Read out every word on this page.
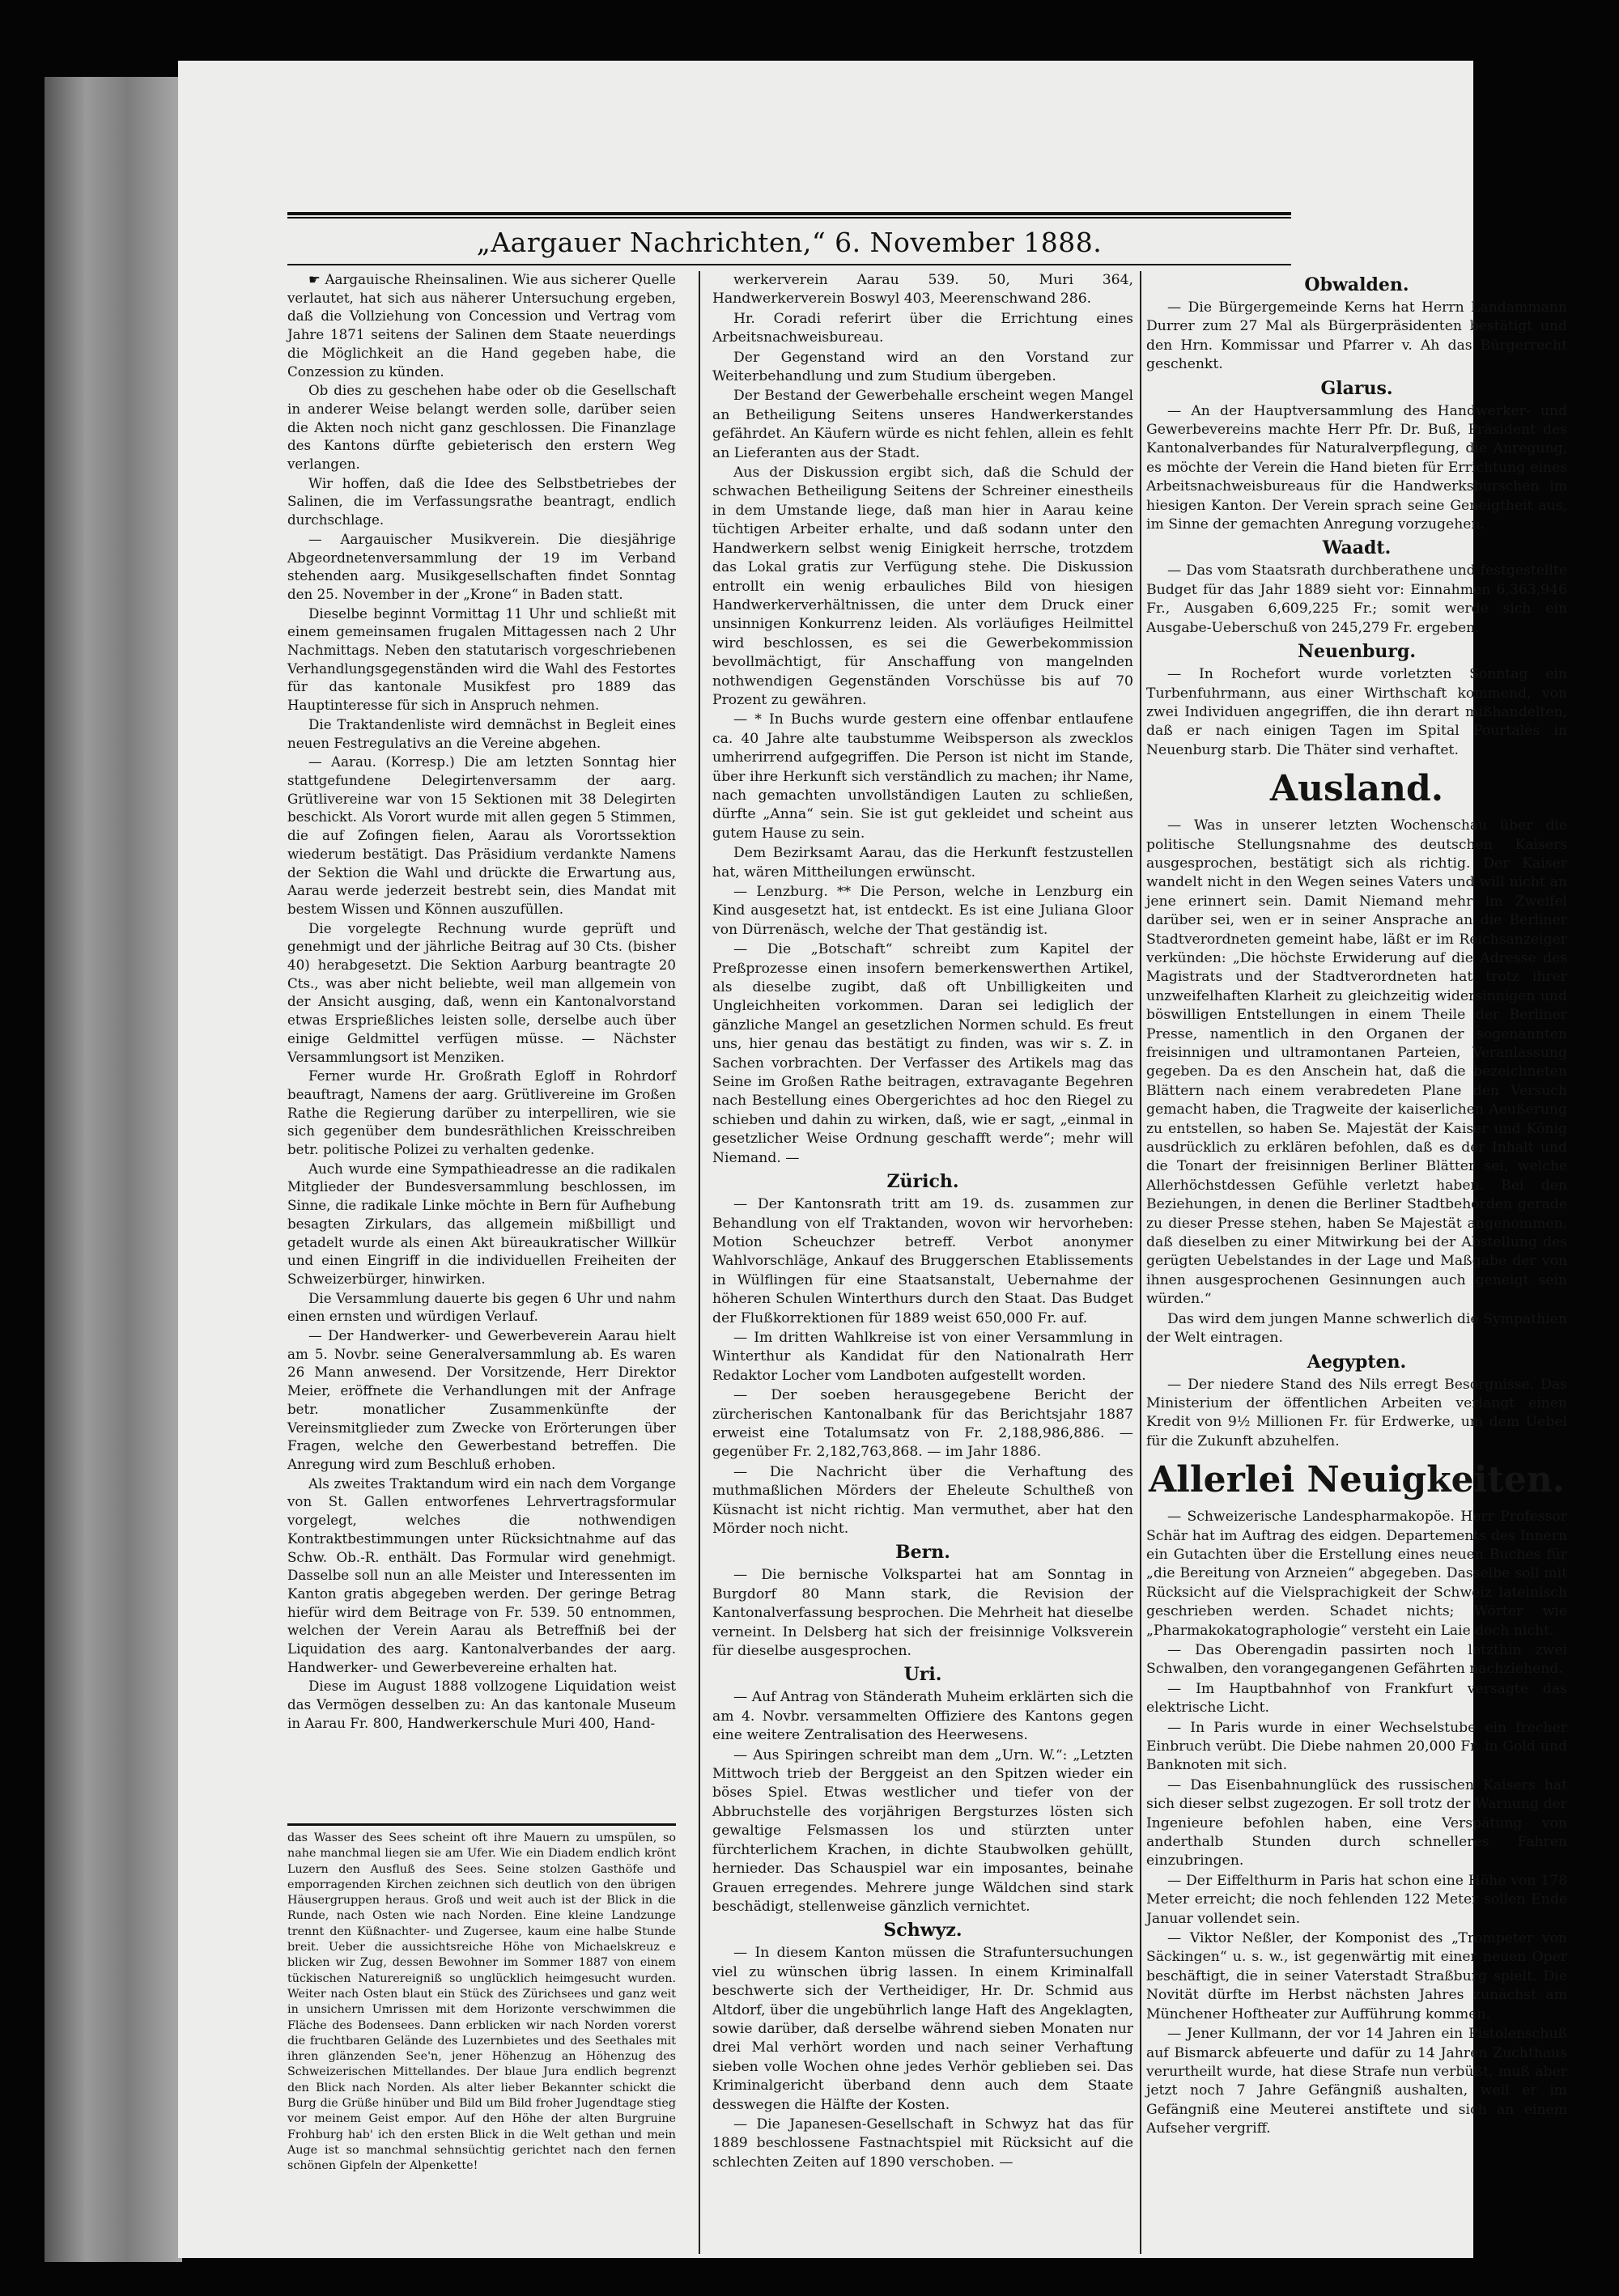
„Aargauer Nachrichten,“ 6. November 1888.

☛ Aargauische Rheinsalinen. Wie aus sicherer Quelle verlautet, hat sich aus näherer Untersuchung ergeben, daß die Vollziehung von Concession und Vertrag vom Jahre 1871 seitens der Salinen dem Staate neuerdings die Möglichkeit an die Hand gegeben habe, die Conzession zu künden.

Ob dies zu geschehen habe oder ob die Gesellschaft in anderer Weise belangt werden solle, darüber seien die Akten noch nicht ganz geschlossen. Die Finanzlage des Kantons dürfte gebieterisch den erstern Weg verlangen.

Wir hoffen, daß die Idee des Selbstbetriebes der Salinen, die im Verfassungsrathe beantragt, endlich durchschlage.

— Aargauischer Musikverein. Die diesjährige Abgeordnetenversammlung der 19 im Verband stehenden aarg. Musikgesellschaften findet Sonntag den 25. November in der „Krone“ in Baden statt.

Dieselbe beginnt Vormittag 11 Uhr und schließt mit einem gemeinsamen frugalen Mittagessen nach 2 Uhr Nachmittags. Neben den statutarisch vorgeschriebenen Verhandlungsgegenständen wird die Wahl des Festortes für das kantonale Musikfest pro 1889 das Hauptinteresse für sich in Anspruch nehmen.

Die Traktandenliste wird demnächst in Begleit eines neuen Festregulativs an die Vereine abgehen.

— Aarau. (Korresp.) Die am letzten Sonntag hier stattgefundene Delegirtenversamm der aarg. Grütlivereine war von 15 Sektionen mit 38 Delegirten beschickt. Als Vorort wurde mit allen gegen 5 Stimmen, die auf Zofingen fielen, Aarau als Vorortssektion wiederum bestätigt. Das Präsidium verdankte Namens der Sektion die Wahl und drückte die Erwartung aus, Aarau werde jederzeit bestrebt sein, dies Mandat mit bestem Wissen und Können auszufüllen.

Die vorgelegte Rechnung wurde geprüft und genehmigt und der jährliche Beitrag auf 30 Cts. (bisher 40) herabgesetzt. Die Sektion Aarburg beantragte 20 Cts., was aber nicht beliebte, weil man allgemein von der Ansicht ausging, daß, wenn ein Kantonalvorstand etwas Ersprießliches leisten solle, derselbe auch über einige Geldmittel verfügen müsse. — Nächster Versammlungsort ist Menziken.

Ferner wurde Hr. Großrath Egloff in Rohrdorf beauftragt, Namens der aarg. Grütlivereine im Großen Rathe die Regierung darüber zu interpelliren, wie sie sich gegenüber dem bundesräthlichen Kreisschreiben betr. politische Polizei zu verhalten gedenke.

Auch wurde eine Sympathieadresse an die radikalen Mitglieder der Bundesversammlung beschlossen, im Sinne, die radikale Linke möchte in Bern für Aufhebung besagten Zirkulars, das allgemein mißbilligt und getadelt wurde als einen Akt büreaukratischer Willkür und einen Eingriff in die individuellen Freiheiten der Schweizerbürger, hinwirken.

Die Versammlung dauerte bis gegen 6 Uhr und nahm einen ernsten und würdigen Verlauf.

— Der Handwerker- und Gewerbeverein Aarau hielt am 5. Novbr. seine Generalversammlung ab. Es waren 26 Mann anwesend. Der Vorsitzende, Herr Direktor Meier, eröffnete die Verhandlungen mit der Anfrage betr. monatlicher Zusammenkünfte der Vereinsmitglieder zum Zwecke von Erörterungen über Fragen, welche den Gewerbestand betreffen. Die Anregung wird zum Beschluß erhoben.

Als zweites Traktandum wird ein nach dem Vorgange von St. Gallen entworfenes Lehrvertragsformular vorgelegt, welches die nothwendigen Kontraktbestimmungen unter Rücksichtnahme auf das Schw. Ob.-R. enthält. Das Formular wird genehmigt. Dasselbe soll nun an alle Meister und Interessenten im Kanton gratis abgegeben werden. Der geringe Betrag hiefür wird dem Beitrage von Fr. 539. 50 entnommen, welchen der Verein Aarau als Betreffniß bei der Liquidation des aarg. Kantonalverbandes der aarg. Handwerker- und Gewerbevereine erhalten hat.

Diese im August 1888 vollzogene Liquidation weist das Vermögen desselben zu: An das kantonale Museum in Aarau Fr. 800, Handwerkerschule Muri 400, Hand-

werkerverein Aarau 539. 50, Muri 364, Handwerkerverein Boswyl 403, Meerenschwand 286.

Hr. Coradi referirt über die Errichtung eines Arbeitsnachweisbureau.

Der Gegenstand wird an den Vorstand zur Weiterbehandlung und zum Studium übergeben.

Der Bestand der Gewerbehalle erscheint wegen Mangel an Betheiligung Seitens unseres Handwerkerstandes gefährdet. An Käufern würde es nicht fehlen, allein es fehlt an Lieferanten aus der Stadt.

Aus der Diskussion ergibt sich, daß die Schuld der schwachen Betheiligung Seitens der Schreiner einestheils in dem Umstande liege, daß man hier in Aarau keine tüchtigen Arbeiter erhalte, und daß sodann unter den Handwerkern selbst wenig Einigkeit herrsche, trotzdem das Lokal gratis zur Verfügung stehe. Die Diskussion entrollt ein wenig erbauliches Bild von hiesigen Handwerkerverhältnissen, die unter dem Druck einer unsinnigen Konkurrenz leiden. Als vorläufiges Heilmittel wird beschlossen, es sei die Gewerbekommission bevollmächtigt, für Anschaffung von mangelnden nothwendigen Gegenständen Vorschüsse bis auf 70 Prozent zu gewähren.

— * In Buchs wurde gestern eine offenbar entlaufene ca. 40 Jahre alte taubstumme Weibsperson als zwecklos umherirrend aufgegriffen. Die Person ist nicht im Stande, über ihre Herkunft sich verständlich zu machen; ihr Name, nach gemachten unvollständigen Lauten zu schließen, dürfte „Anna“ sein. Sie ist gut gekleidet und scheint aus gutem Hause zu sein.

Dem Bezirksamt Aarau, das die Herkunft festzustellen hat, wären Mittheilungen erwünscht.

— Lenzburg. ** Die Person, welche in Lenzburg ein Kind ausgesetzt hat, ist entdeckt. Es ist eine Juliana Gloor von Dürrenäsch, welche der That geständig ist.

— Die „Botschaft“ schreibt zum Kapitel der Preßprozesse einen insofern bemerkenswerthen Artikel, als dieselbe zugibt, daß oft Unbilligkeiten und Ungleichheiten vorkommen. Daran sei lediglich der gänzliche Mangel an gesetzlichen Normen schuld. Es freut uns, hier genau das bestätigt zu finden, was wir s. Z. in Sachen vorbrachten. Der Verfasser des Artikels mag das Seine im Großen Rathe beitragen, extravagante Begehren nach Bestellung eines Obergerichtes ad hoc den Riegel zu schieben und dahin zu wirken, daß, wie er sagt, „einmal in gesetzlicher Weise Ordnung geschafft werde“; mehr will Niemand. —

Zürich.

— Der Kantonsrath tritt am 19. ds. zusammen zur Behandlung von elf Traktanden, wovon wir hervorheben: Motion Scheuchzer betreff. Verbot anonymer Wahlvorschläge, Ankauf des Bruggerschen Etablissements in Wülflingen für eine Staatsanstalt, Uebernahme der höheren Schulen Winterthurs durch den Staat. Das Budget der Flußkorrektionen für 1889 weist 650,000 Fr. auf.

— Im dritten Wahlkreise ist von einer Versammlung in Winterthur als Kandidat für den Nationalrath Herr Redaktor Locher vom Landboten aufgestellt worden.

— Der soeben herausgegebene Bericht der zürcherischen Kantonalbank für das Berichtsjahr 1887 erweist eine Totalumsatz von Fr. 2,188,986,886. — gegenüber Fr. 2,182,763,868. — im Jahr 1886.

— Die Nachricht über die Verhaftung des muthmaßlichen Mörders der Eheleute Schultheß von Küsnacht ist nicht richtig. Man vermuthet, aber hat den Mörder noch nicht.

Bern.

— Die bernische Volkspartei hat am Sonntag in Burgdorf 80 Mann stark, die Revision der Kantonalverfassung besprochen. Die Mehrheit hat dieselbe verneint. In Delsberg hat sich der freisinnige Volksverein für dieselbe ausgesprochen.

Uri.

— Auf Antrag von Ständerath Muheim erklärten sich die am 4. Novbr. versammelten Offiziere des Kantons gegen eine weitere Zentralisation des Heerwesens.

— Aus Spiringen schreibt man dem „Urn. W.“: „Letzten Mittwoch trieb der Berggeist an den Spitzen wieder ein böses Spiel. Etwas westlicher und tiefer von der Abbruchstelle des vorjährigen Bergsturzes lösten sich gewaltige Felsmassen los und stürzten unter fürchterlichem Krachen, in dichte Staubwolken gehüllt, hernieder. Das Schauspiel war ein imposantes, beinahe Grauen erregendes. Mehrere junge Wäldchen sind stark beschädigt, stellenweise gänzlich vernichtet.

Schwyz.

— In diesem Kanton müssen die Strafuntersuchungen viel zu wünschen übrig lassen. In einem Kriminalfall beschwerte sich der Vertheidiger, Hr. Dr. Schmid aus Altdorf, über die ungebührlich lange Haft des Angeklagten, sowie darüber, daß derselbe während sieben Monaten nur drei Mal verhört worden und nach seiner Verhaftung sieben volle Wochen ohne jedes Verhör geblieben sei. Das Kriminalgericht überband denn auch dem Staate desswegen die Hälfte der Kosten.

— Die Japanesen-Gesellschaft in Schwyz hat das für 1889 beschlossene Fastnachtspiel mit Rücksicht auf die schlechten Zeiten auf 1890 verschoben. —

Obwalden.

— Die Bürgergemeinde Kerns hat Herrn Landammann Durrer zum 27 Mal als Bürgerpräsidenten bestätigt und den Hrn. Kommissar und Pfarrer v. Ah das Bürgerrecht geschenkt.

Glarus.

— An der Hauptversammlung des Handwerker- und Gewerbevereins machte Herr Pfr. Dr. Buß, Präsident des Kantonalverbandes für Naturalverpflegung, die Anregung, es möchte der Verein die Hand bieten für Errichtung eines Arbeitsnachweisbureaus für die Handwerksburschen im hiesigen Kanton. Der Verein sprach seine Geneigtheit aus, im Sinne der gemachten Anregung vorzugehen.

Waadt.

— Das vom Staatsrath durchberathene und festgestellte Budget für das Jahr 1889 sieht vor: Einnahmen 6,363,946 Fr., Ausgaben 6,609,225 Fr.; somit werde sich ein Ausgabe-Ueberschuß von 245,279 Fr. ergeben.

Neuenburg.

— In Rochefort wurde vorletzten Sonntag ein Turbenfuhrmann, aus einer Wirthschaft kommend, von zwei Individuen angegriffen, die ihn derart mißhandelten, daß er nach einigen Tagen im Spital Pourtalès in Neuenburg starb. Die Thäter sind verhaftet.

Ausland.

— Was in unserer letzten Wochenschau über die politische Stellungsnahme des deutschen Kaisers ausgesprochen, bestätigt sich als richtig. Der Kaiser wandelt nicht in den Wegen seines Vaters und will nicht an jene erinnert sein. Damit Niemand mehr im Zweifel darüber sei, wen er in seiner Ansprache an die Berliner Stadtverordneten gemeint habe, läßt er im Reichsanzeiger verkünden: „Die höchste Erwiderung auf die Adresse des Magistrats und der Stadtverordneten hat trotz ihrer unzweifelhaften Klarheit zu gleichzeitig widersinnigen und böswilligen Entstellungen in einem Theile der Berliner Presse, namentlich in den Organen der sogenannten freisinnigen und ultramontanen Parteien, Veranlassung gegeben. Da es den Anschein hat, daß die bezeichneten Blättern nach einem verabredeten Plane den Versuch gemacht haben, die Tragweite der kaiserlichen Aeußerung zu entstellen, so haben Se. Majestät der Kaiser und König ausdrücklich zu erklären befohlen, daß es der Inhalt und die Tonart der freisinnigen Berliner Blätter sei, welche Allerhöchstdessen Gefühle verletzt haben. Bei den Beziehungen, in denen die Berliner Stadtbehörden gerade zu dieser Presse stehen, haben Se Majestät angenommen, daß dieselben zu einer Mitwirkung bei der Abstellung des gerügten Uebelstandes in der Lage und Maßgabe der von ihnen ausgesprochenen Gesinnungen auch geneigt sein würden.“

Das wird dem jungen Manne schwerlich die Sympathien der Welt eintragen.

Aegypten.

— Der niedere Stand des Nils erregt Besorgnisse. Das Ministerium der öffentlichen Arbeiten verlangt einen Kredit von 9½ Millionen Fr. für Erdwerke, um dem Uebel für die Zukunft abzuhelfen.

Allerlei Neuigkeiten.

— Schweizerische Landespharmakopöe. Herr Professor Schär hat im Auftrag des eidgen. Departements des Innern ein Gutachten über die Erstellung eines neuen Buches für „die Bereitung von Arzneien“ abgegeben. Dasselbe soll mit Rücksicht auf die Vielsprachigkeit der Schweiz lateinisch geschrieben werden. Schadet nichts; Wörter wie „Pharmakokatographologie“ versteht ein Laie doch nicht.

— Das Oberengadin passirten noch letzthin zwei Schwalben, den vorangegangenen Gefährten nachziehend.

— Im Hauptbahnhof von Frankfurt versagte das elektrische Licht.

— In Paris wurde in einer Wechselstube ein frecher Einbruch verübt. Die Diebe nahmen 20,000 Fr. in Gold und Banknoten mit sich.

— Das Eisenbahnunglück des russischen Kaisers hat sich dieser selbst zugezogen. Er soll trotz der Warnung der Ingenieure befohlen haben, eine Verspätung von anderthalb Stunden durch schnelleres Fahren einzubringen.

— Der Eiffelthurm in Paris hat schon eine Höhe von 178 Meter erreicht; die noch fehlenden 122 Meter sollen Ende Januar vollendet sein.

— Viktor Neßler, der Komponist des „Trompeter von Säckingen“ u. s. w., ist gegenwärtig mit einer neuen Oper beschäftigt, die in seiner Vaterstadt Straßburg spielt. Die Novität dürfte im Herbst nächsten Jahres zunächst am Münchener Hoftheater zur Aufführung kommen.

— Jener Kullmann, der vor 14 Jahren ein Pistolenschuß auf Bismarck abfeuerte und dafür zu 14 Jahren Zuchthaus verurtheilt wurde, hat diese Strafe nun verbüßt, muß aber jetzt noch 7 Jahre Gefängniß aushalten, weil er im Gefängniß eine Meuterei anstiftete und sich an einem Aufseher vergriff.

das Wasser des Sees scheint oft ihre Mauern zu umspülen, so nahe manchmal liegen sie am Ufer. Wie ein Diadem endlich krönt Luzern den Ausfluß des Sees. Seine stolzen Gasthöfe und emporragenden Kirchen zeichnen sich deutlich von den übrigen Häusergruppen heraus. Groß und weit auch ist der Blick in die Runde, nach Osten wie nach Norden. Eine kleine Landzunge trennt den Küßnachter- und Zugersee, kaum eine halbe Stunde breit. Ueber die aussichtsreiche Höhe von Michaelskreuz e blicken wir Zug, dessen Bewohner im Sommer 1887 von einem tückischen Naturereigniß so unglücklich heimgesucht wurden. Weiter nach Osten blaut ein Stück des Zürichsees und ganz weit in unsichern Umrissen mit dem Horizonte verschwimmen die Fläche des Bodensees. Dann erblicken wir nach Norden vorerst die fruchtbaren Gelände des Luzernbietes und des Seethales mit ihren glänzenden See'n, jener Höhenzug an Höhenzug des Schweizerischen Mittellandes. Der blaue Jura endlich begrenzt den Blick nach Norden. Als alter lieber Bekannter schickt die Burg die Grüße hinüber und Bild um Bild froher Jugendtage stieg vor meinem Geist empor. Auf den Höhe der alten Burgruine Frohburg hab' ich den ersten Blick in die Welt gethan und mein Auge ist so manchmal sehnsüchtig gerichtet nach den fernen schönen Gipfeln der Alpenkette!
